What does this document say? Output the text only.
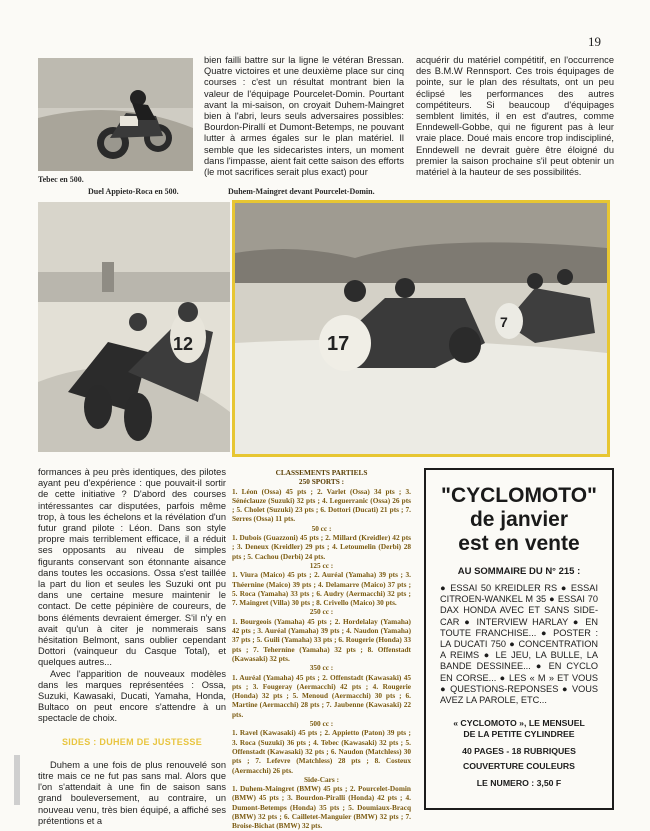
19

bien failli battre sur la ligne le vétéran Bressan. Quatre victoires et une deuxième place sur cinq courses : c'est un résultat montrant bien la valeur de l'équipage Pourcelet-Domin. Pourtant avant la mi-saison, on croyait Duhem-Maingret bien à l'abri, leurs seuls adversaires possibles: Bourdon-Pirallí et Dumont-Betemps, ne pouvant lutter à armes égales sur le plan matériel. Il semble que les sidecaristes inters, un moment dans l'impasse, aient fait cette saison des efforts (le mot sacrifices serait plus exact) pour

acquérir du matériel compétitif, en l'occurrence des B.M.W Rennsport. Ces trois équipages de pointe, sur le plan des résultats, ont un peu éclipsé les performances des autres compétiteurs. Si beaucoup d'équipages semblent limités, il en est d'autres, comme Enndewell-Gobbe, qui ne figurent pas à leur vraie place. Doué mais encore trop indiscipliné, Enndewell ne devrait guère être éloigné du premier la saison prochaine s'il peut obtenir un matériel à la hauteur de ses possibilités.

Tebec en 500.
Duel Appieto-Roca en 500.	Duhem-Maingret devant Pourcelet-Domin.
12	17
7

formances à peu près identiques, des pilotes ayant peu d'expérience : que pouvait-il sortir de cette initiative ? D'abord des courses intéressantes car disputées, parfois même trop, à tous les échelons et la révélation d'un futur grand pilote : Léon. Dans son style propre mais terriblement efficace, il a réduit ses opposants au niveau de simples figurants conservant son étonnante aisance dans toutes les occasions. Ossa s'est taillée la part du lion et seules les Suzuki ont pu dans une certaine mesure maintenir le contact. De cette pépinière de coureurs, de bons éléments devraient émerger. S'il n'y en avait qu'un à citer je nommerais sans hésitation Belmont, sans oublier cependant Dottori (vainqueur du Casque Total), et quelques autres...

Avec l'apparition de nouveaux modèles dans les marques représentées : Ossa, Suzuki, Kawasaki, Ducati, Yamaha, Honda, Bultaco on peut encore s'attendre à un spectacle de choix.

SIDES : DUHEM DE JUSTESSE

Duhem a une fois de plus renouvelé son titre mais ce ne fut pas sans mal. Alors que l'on s'attendait à une fin de saison sans grand bouleversement, au contraire, un nouveau venu, très bien équipé, a affiché ses prétentions et a

CLASSEMENTS PARTIELS
250 SPORTS :

1. Léon (Ossa) 45 pts ; 2. Varlet (Ossa) 34 pts ; 3. Sénéclauze (Suzuki) 32 pts ; 4. Leguerranic (Ossa) 26 pts ; 5. Cholet (Suzuki) 23 pts ; 6. Dottori (Ducati) 21 pts ; 7. Serres (Ossa) 11 pts.

50 cc :

1. Dubois (Guazzoni) 45 pts ; 2. Millard (Kreidler) 42 pts ; 3. Deneux (Kreidler) 29 pts ; 4. Letoumelin (Derbi) 28 pts ; 5. Cachou (Derbi) 24 pts.

125 cc :

1. Viura (Maico) 45 pts ; 2. Auréal (Yamaha) 39 pts ; 3. Théernine (Maico) 39 pts ; 4. Delamarre (Maico) 37 pts ; 5. Roca (Yamaha) 33 pts ; 6. Audry (Aermacchi) 32 pts ; 7. Maingret (Villa) 30 pts ; 8. Crivello (Maico) 30 pts.

250 cc :

1. Bourgeois (Yamaha) 45 pts ; 2. Hordelalay (Yamaha) 42 pts ; 3. Auréal (Yamaha) 39 pts ; 4. Naudon (Yamaha) 37 pts ; 5. Guili (Yamaha) 33 pts ; 6. Rougerie (Honda) 33 pts ; 7. Teherníne (Yamaha) 32 pts ; 8. Offenstadt (Kawasaki) 32 pts.

350 cc :

1. Auréal (Yamaha) 45 pts ; 2. Offenstadt (Kawasaki) 45 pts ; 3. Fougeray (Aermacchi) 42 pts ; 4. Rougerie (Honda) 32 pts ; 5. Menoud (Aermacchi) 30 pts ; 6. Martine (Aermacchi) 28 pts ; 7. Jaubenne (Kawasaki) 22 pts.

500 cc :

1. Ravel (Kawasaki) 45 pts ; 2. Appietto (Paton) 39 pts ; 3. Roca (Suzuki) 36 pts ; 4. Tebec (Kawasaki) 32 pts ; 5. Offenstadt (Kawasaki) 32 pts ; 6. Naudon (Matchless) 30 pts ; 7. Lefevre (Matchless) 28 pts ; 8. Costeux (Aermacchi) 26 pts.

Side-Cars :

1. Duhem-Maingret (BMW) 45 pts ; 2. Pourcelet-Domin (BMW) 45 pts ; 3. Bourdon-Piralli (Honda) 42 pts ; 4. Dumont-Betemps (Honda) 35 pts ; 5. Doumiaux-Bracq (BMW) 32 pts ; 6. Cailletet-Manguier (BMW) 32 pts ; 7. Broise-Bichat (BMW) 32 pts.

"CYCLOMOTO"
de janvier
est en vente
AU SOMMAIRE DU N° 215 :
● ESSAI 50 KREIDLER RS ● ESSAI CITROEN-WANKEL M 35 ● ESSAI 70 DAX HONDA AVEC ET SANS SIDE-CAR ● INTERVIEW HARLAY ● EN TOUTE FRANCHISE... ● POSTER : LA DUCATI 750 ● CONCENTRATION A REIMS ● LE JEU, LA BULLE, LA BANDE DESSINEE... ● EN CYCLO EN CORSE... ● LES « M » ET VOUS ● QUESTIONS-REPONSES ● VOUS AVEZ LA PAROLE, ETC...
« CYCLOMOTO », LE MENSUEL
DE LA PETITE CYLINDREE
40 PAGES - 18 RUBRIQUES
COUVERTURE COULEURS
LE NUMERO : 3,50 F
